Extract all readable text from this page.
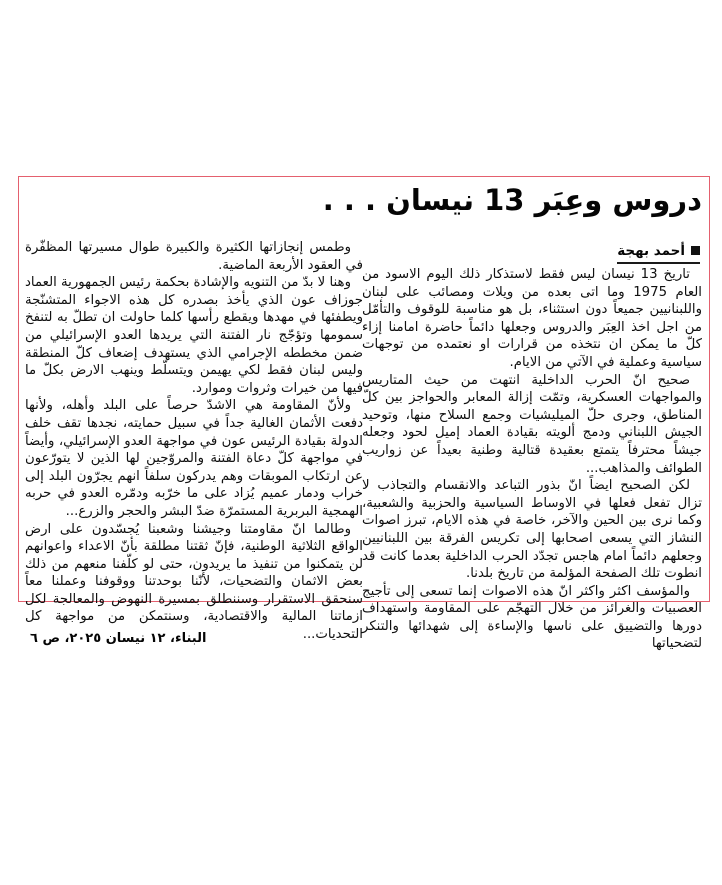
دروس وعِبَر 13 نيسان . . .
أحمد بهجة

تاريخ 13 نيسان ليس فقط لاستذكار ذلك اليوم الاسود من العام 1975 وما اتى بعده من ويلات ومصائب على لبنان واللبنانيين جميعاً دون استثناء، بل هو مناسبة للوقوف والتأمّل من اجل اخذ العِبَر والدروس وجعلها دائماً حاضرة امامنا إزاء كلّ ما يمكن ان نتخذه من قرارات او نعتمده من توجهات سياسية وعملية في الآتي من الايام.

صحيح انّ الحرب الداخلية انتهت من حيث المتاريس والمواجهات العسكرية، وتمّت إزالة المعابر والحواجز بين كلّ المناطق، وجرى حلّ الميليشيات وجمع السلاح منها، وتوحيد الجيش اللبناني ودمج ألويته بقيادة العماد إميل لحود وجعله جيشاً محترفاً يتمتع بعقيدة قتالية وطنية بعيداً عن زواريب الطوائف والمذاهب...

لكن الصحيح ايضاً انّ بذور التباعد والانقسام والتجاذب لا تزال تفعل فعلها في الاوساط السياسية والحزبية والشعبية، وكما نرى بين الحين والآخر، خاصة في هذه الايام، تبرز اصوات النشاز التي يسعى اصحابها إلى تكريس الفرقة بين اللبنانيين وجعلهم دائماً امام هاجس تجدّد الحرب الداخلية بعدما كانت قد انطوت تلك الصفحة المؤلمة من تاريخ بلدنا.

والمؤسف اكثر واكثر انّ هذه الاصوات إنما تسعى إلى تأجيج العصبيات والغرائز من خلال التهجّم على المقاومة واستهداف دورها والتضييق على ناسها والإساءة إلى شهدائها والتنكر لتضحياتها

وطمس إنجازاتها الكثيرة والكبيرة طوال مسيرتها المظفّرة في العقود الأربعة الماضية.

وهنا لا بدّ من التنويه والإشادة بحكمة رئيس الجمهورية العماد جوزاف عون الذي يأخذ بصدره كل هذه الاجواء المتشنّجة ويطفئها في مهدها ويقطع رأسها كلما حاولت ان تطلّ به لتنفخ سمومها وتؤجّج نار الفتنة التي يريدها العدو الإسرائيلي من ضمن مخططه الإجرامي الذي يستهدف إضعاف كلّ المنطقة وليس لبنان فقط لكي يهيمن ويتسلّط وينهب الارض بكلّ ما فيها من خيرات وثروات وموارد.

ولأنّ المقاومة هي الاشدّ حرصاً على البلد وأهله، ولأنها دفعت الأثمان الغالية جداً في سبيل حمايته، نجدها تقف خلف الدولة بقيادة الرئيس عون في مواجهة العدو الإسرائيلي، وأيضاً في مواجهة كلّ دعاة الفتنة والمروّجين لها الذين لا يتورّعون عن ارتكاب الموبقات وهم يدركون سلفاً انهم يجرّون البلد إلى خراب ودمار عميم يُزاد على ما خرّبه ودمّره العدو في حربه الهمجية البربرية المستمرّة ضدّ البشر والحجر والزرع...

وطالما انّ مقاومتنا وجيشنا وشعبنا يُجسّدون على ارض الواقع الثلاثية الوطنية، فإنّ ثقتنا مطلقة بأنّ الاعداء واعوانهم لن يتمكنوا من تنفيذ ما يريدون، حتى لو كلّفنا منعهم من ذلك بعض الاثمان والتضحيات، لأنّنا بوحدتنا ووقوفنا وعملنا معاً سنحقق الاستقرار وسننطلق بمسيرة النهوض والمعالجة لكل ازماتنا المالية والاقتصادية، وسنتمكن من مواجهة كل التحديات...

البناء، ١٢ نيسان ٢٠٢٥، ص ٦
